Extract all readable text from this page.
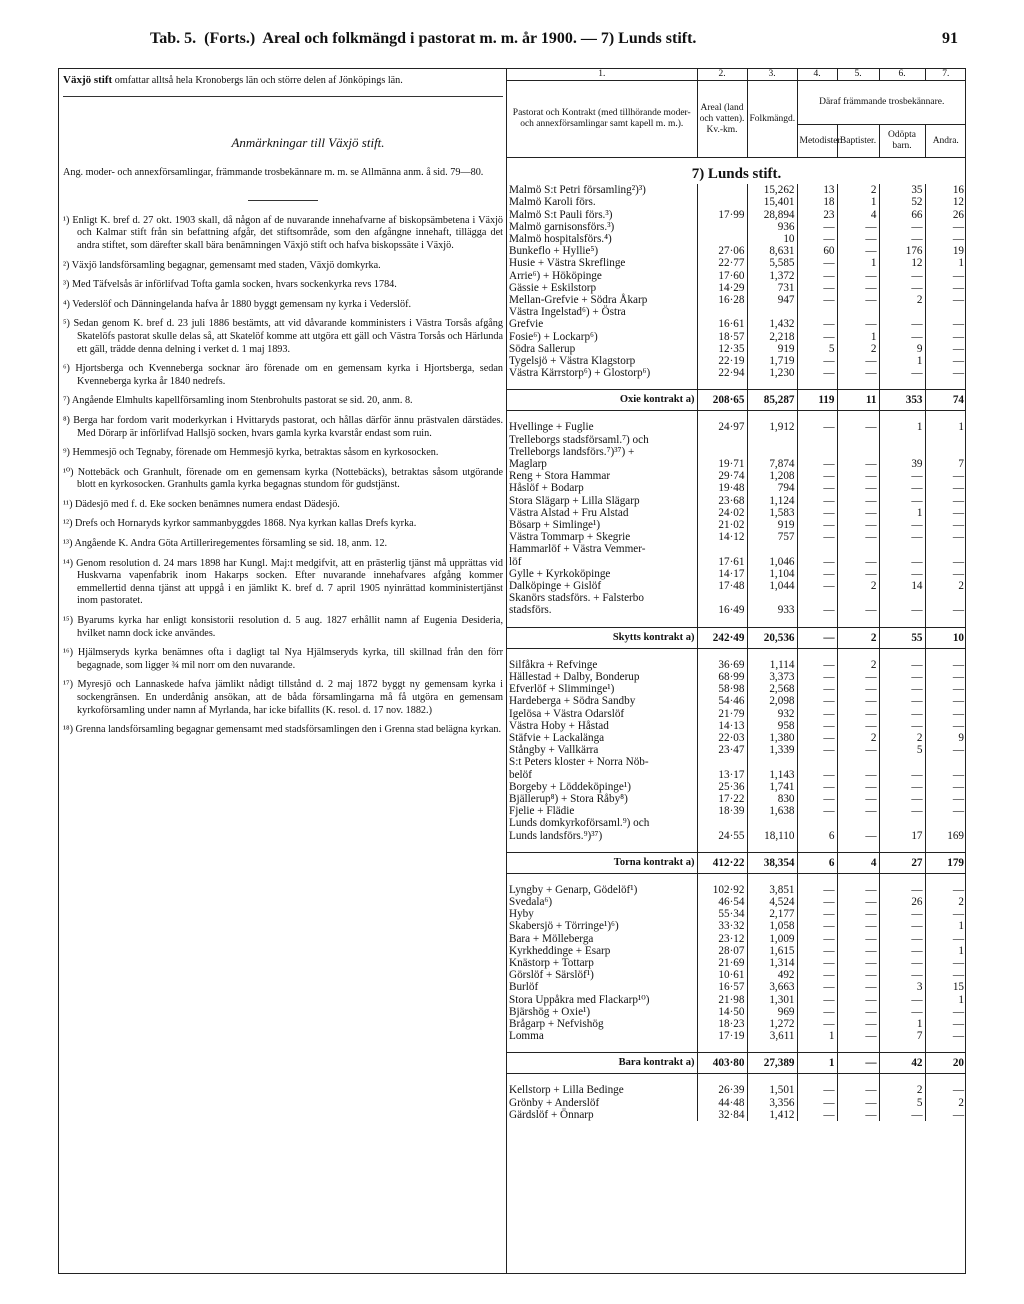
Tab. 5. (Forts.) Areal och folkmängd i pastorat m. m. år 1900. — 7) Lunds stift.	91

Växjö stift omfattar alltså hela Kronobergs län och större delen af Jönköpings län.

Anmärkningar till Växjö stift.

Ang. moder- och annexförsamlingar, främmande trosbekännare m. m. se Allmänna anm. å sid. 79—80.

¹) Enligt K. bref d. 27 okt. 1903 skall, då någon af de nuvarande innehafvarne af biskopsämbetena i Växjö och Kalmar stift från sin befattning afgår, det stiftsområde, som den afgångne innehaft, tillägga det andra stiftet, som därefter skall bära benämningen Växjö stift och hafva biskopssäte i Växjö.

²) Växjö landsförsamling begagnar, gemensamt med staden, Växjö domkyrka.

³) Med Täfvelsås är införlifvad Tofta gamla socken, hvars sockenkyrka revs 1784.

⁴) Vederslöf och Dänningelanda hafva år 1880 byggt gemensam ny kyrka i Vederslöf.

⁵) Sedan genom K. bref d. 23 juli 1886 bestämts, att vid dåvarande komministers i Västra Torsås afgång Skatelöfs pastorat skulle delas så, att Skatelöf komme att utgöra ett gäll och Västra Torsås och Härlunda ett gäll, trädde denna delning i verket d. 1 maj 1893.

⁶) Hjortsberga och Kvenneberga socknar äro förenade om en gemensam kyrka i Hjortsberga, sedan Kvenneberga kyrka år 1840 nedrefs.

⁷) Angående Elmhults kapellförsamling inom Stenbrohults pastorat se sid. 20, anm. 8.

⁸) Berga har fordom varit moderkyrkan i Hvittaryds pastorat, och hållas därför ännu prästvalen därstädes. Med Dörarp är införlifvad Hallsjö socken, hvars gamla kyrka kvarstår endast som ruin.

⁹) Hemmesjö och Tegnaby, förenade om Hemmesjö kyrka, betraktas såsom en kyrkosocken.

¹⁰) Nottebäck och Granhult, förenade om en gemensam kyrka (Nottebäcks), betraktas såsom utgörande blott en kyrkosocken. Granhults gamla kyrka begagnas stundom för gudstjänst.

¹¹) Dädesjö med f. d. Eke socken benämnes numera endast Dädesjö.

¹²) Drefs och Hornaryds kyrkor sammanbyggdes 1868. Nya kyrkan kallas Drefs kyrka.

¹³) Angående K. Andra Göta Artilleriregementes församling se sid. 18, anm. 12.

¹⁴) Genom resolution d. 24 mars 1898 har Kungl. Maj:t medgifvit, att en prästerlig tjänst må upprättas vid Huskvarna vapenfabrik inom Hakarps socken. Efter nuvarande innehafvares afgång kommer emmellertid denna tjänst att uppgå i en jämlikt K. bref d. 7 april 1905 nyinrättad komministertjänst inom pastoratet.

¹⁵) Byarums kyrka har enligt konsistorii resolution d. 5 aug. 1827 erhållit namn af Eugenia Desideria, hvilket namn dock icke användes.

¹⁶) Hjälmseryds kyrka benämnes ofta i dagligt tal Nya Hjälmseryds kyrka, till skillnad från den förr begagnade, som ligger ¾ mil norr om den nuvarande.

¹⁷) Myresjö och Lannaskede hafva jämlikt nådigt tillstånd d. 2 maj 1872 byggt ny gemensam kyrka i sockengränsen. En underdånig ansökan, att de båda församlingarna må få utgöra en gemensam kyrkoförsamling under namn af Myrlanda, har icke bifallits (K. resol. d. 17 nov. 1882.)

¹⁸) Grenna landsförsamling begagnar gemensamt med stadsförsamlingen den i Grenna stad belägna kyrkan.

1.	2.	3.	4.	5.	6.	7.
Pastorat och Kontrakt (med tillhörande moder- och annexförsamlingar samt kapell m. m.).	Areal (land och vatten). Kv.-km.	Folkmängd.	Däraf främmande trosbekännare.			
			Metodister.	Baptister.	Odöpta barn.	Andra.
7) Lunds stift.						
Malmö S:t Petri församling²)³)		15,262	13	2	35	16
Malmö Karoli förs.		15,401	18	1	52	12
Malmö S:t Pauli förs.³)	17·99	28,894	23	4	66	26
Malmö garnisonsförs.³)		936	—	—	—	—
Malmö hospitalsförs.⁴)		10	—	—	—	—
Bunkeflo + Hyllie⁵)	27·06	8,631	60	—	176	19
Husie + Västra Skreflinge	22·77	5,585	—	1	12	1
Arrie⁶) + Hököpinge	17·60	1,372	—	—	—	—
Gässie + Eskilstorp	14·29	731	—	—	—	—
Mellan-Grefvie + Södra Åkarp	16·28	947	—	—	2	—
Västra Ingelstad⁶) + Östra						
Grefvie	16·61	1,432	—	—	—	—
Fosie⁶) + Lockarp⁶)	18·57	2,218	—	1	—	—
Södra Sallerup	12·35	919	5	2	9	—
Tygelsjö + Västra Klagstorp	22·19	1,719	—	—	1	—
Västra Kärrstorp⁶) + Glostorp⁶)	22·94	1,230	—	—	—	—

Oxie kontrakt a)	208·65	85,287	119	11	353	74

Hvellinge + Fuglie	24·97	1,912	—	—	1	1
Trelleborgs stadsförsaml.⁷) och						
Trelleborgs landsförs.⁷)³⁷) +						
Maglarp	19·71	7,874	—	—	39	7
Reng + Stora Hammar	29·74	1,208	—	—	—	—
Håslöf + Bodarp	19·48	794	—	—	—	—
Stora Slägarp + Lilla Slägarp	23·68	1,124	—	—	—	—
Västra Alstad + Fru Alstad	24·02	1,583	—	—	1	—
Bösarp + Simlinge¹)	21·02	919	—	—	—	—
Västra Tommarp + Skegrie	14·12	757	—	—	—	—
Hammarlöf + Västra Vemmer-						
löf	17·61	1,046	—	—	—	—
Gylle + Kyrkoköpinge	14·17	1,104	—	—	—	—
Dalköpinge + Gislöf	17·48	1,044	—	2	14	2
Skanörs stadsförs. + Falsterbo						
stadsförs.	16·49	933	—	—	—	—

Skytts kontrakt a)	242·49	20,536	—	2	55	10

Silfåkra + Refvinge	36·69	1,114	—	2	—	—
Hällestad + Dalby, Bonderup	68·99	3,373	—	—	—	—
Efverlöf + Slimminge¹)	58·98	2,568	—	—	—	—
Hardeberga + Södra Sandby	54·46	2,098	—	—	—	—
Igelösa + Västra Odarslöf	21·79	932	—	—	—	—
Västra Hoby + Håstad	14·13	958	—	—	—	—
Stäfvie + Lackalänga	22·03	1,380	—	2	2	9
Stångby + Vallkärra	23·47	1,339	—	—	5	—
S:t Peters kloster + Norra Nöb-						
belöf	13·17	1,143	—	—	—	—
Borgeby + Löddeköpinge¹)	25·36	1,741	—	—	—	—
Bjällerup⁸) + Stora Råby⁸)	17·22	830	—	—	—	—
Fjelie + Flädie	18·39	1,638	—	—	—	—
Lunds domkyrkoförsaml.⁹) och						
Lunds landsförs.⁹)³⁷)	24·55	18,110	6	—	17	169

Torna kontrakt a)	412·22	38,354	6	4	27	179

Lyngby + Genarp, Gödelöf¹)	102·92	3,851	—	—	—	—
Svedala⁶)	46·54	4,524	—	—	26	2
Hyby	55·34	2,177	—	—	—	—
Skabersjö + Törringe¹)⁶)	33·32	1,058	—	—	—	1
Bara + Mölleberga	23·12	1,009	—	—	—	—
Kyrkheddinge + Esarp	28·07	1,615	—	—	—	1
Knästorp + Tottarp	21·69	1,314	—	—	—	—
Görslöf + Särslöf¹)	10·61	492	—	—	—	—
Burlöf	16·57	3,663	—	—	3	15
Stora Uppåkra med Flackarp¹⁰)	21·98	1,301	—	—	—	1
Bjärshög + Oxie¹)	14·50	969	—	—	—	—
Brågarp + Nefvishög	18·23	1,272	—	—	1	—
Lomma	17·19	3,611	1	—	7	—

Bara kontrakt a)	403·80	27,389	1	—	42	20

Kellstorp + Lilla Bedinge	26·39	1,501	—	—	2	—
Grönby + Anderslöf	44·48	3,356	—	—	5	2
Gärdslöf + Önnarp	32·84	1,412	—	—	—	—
